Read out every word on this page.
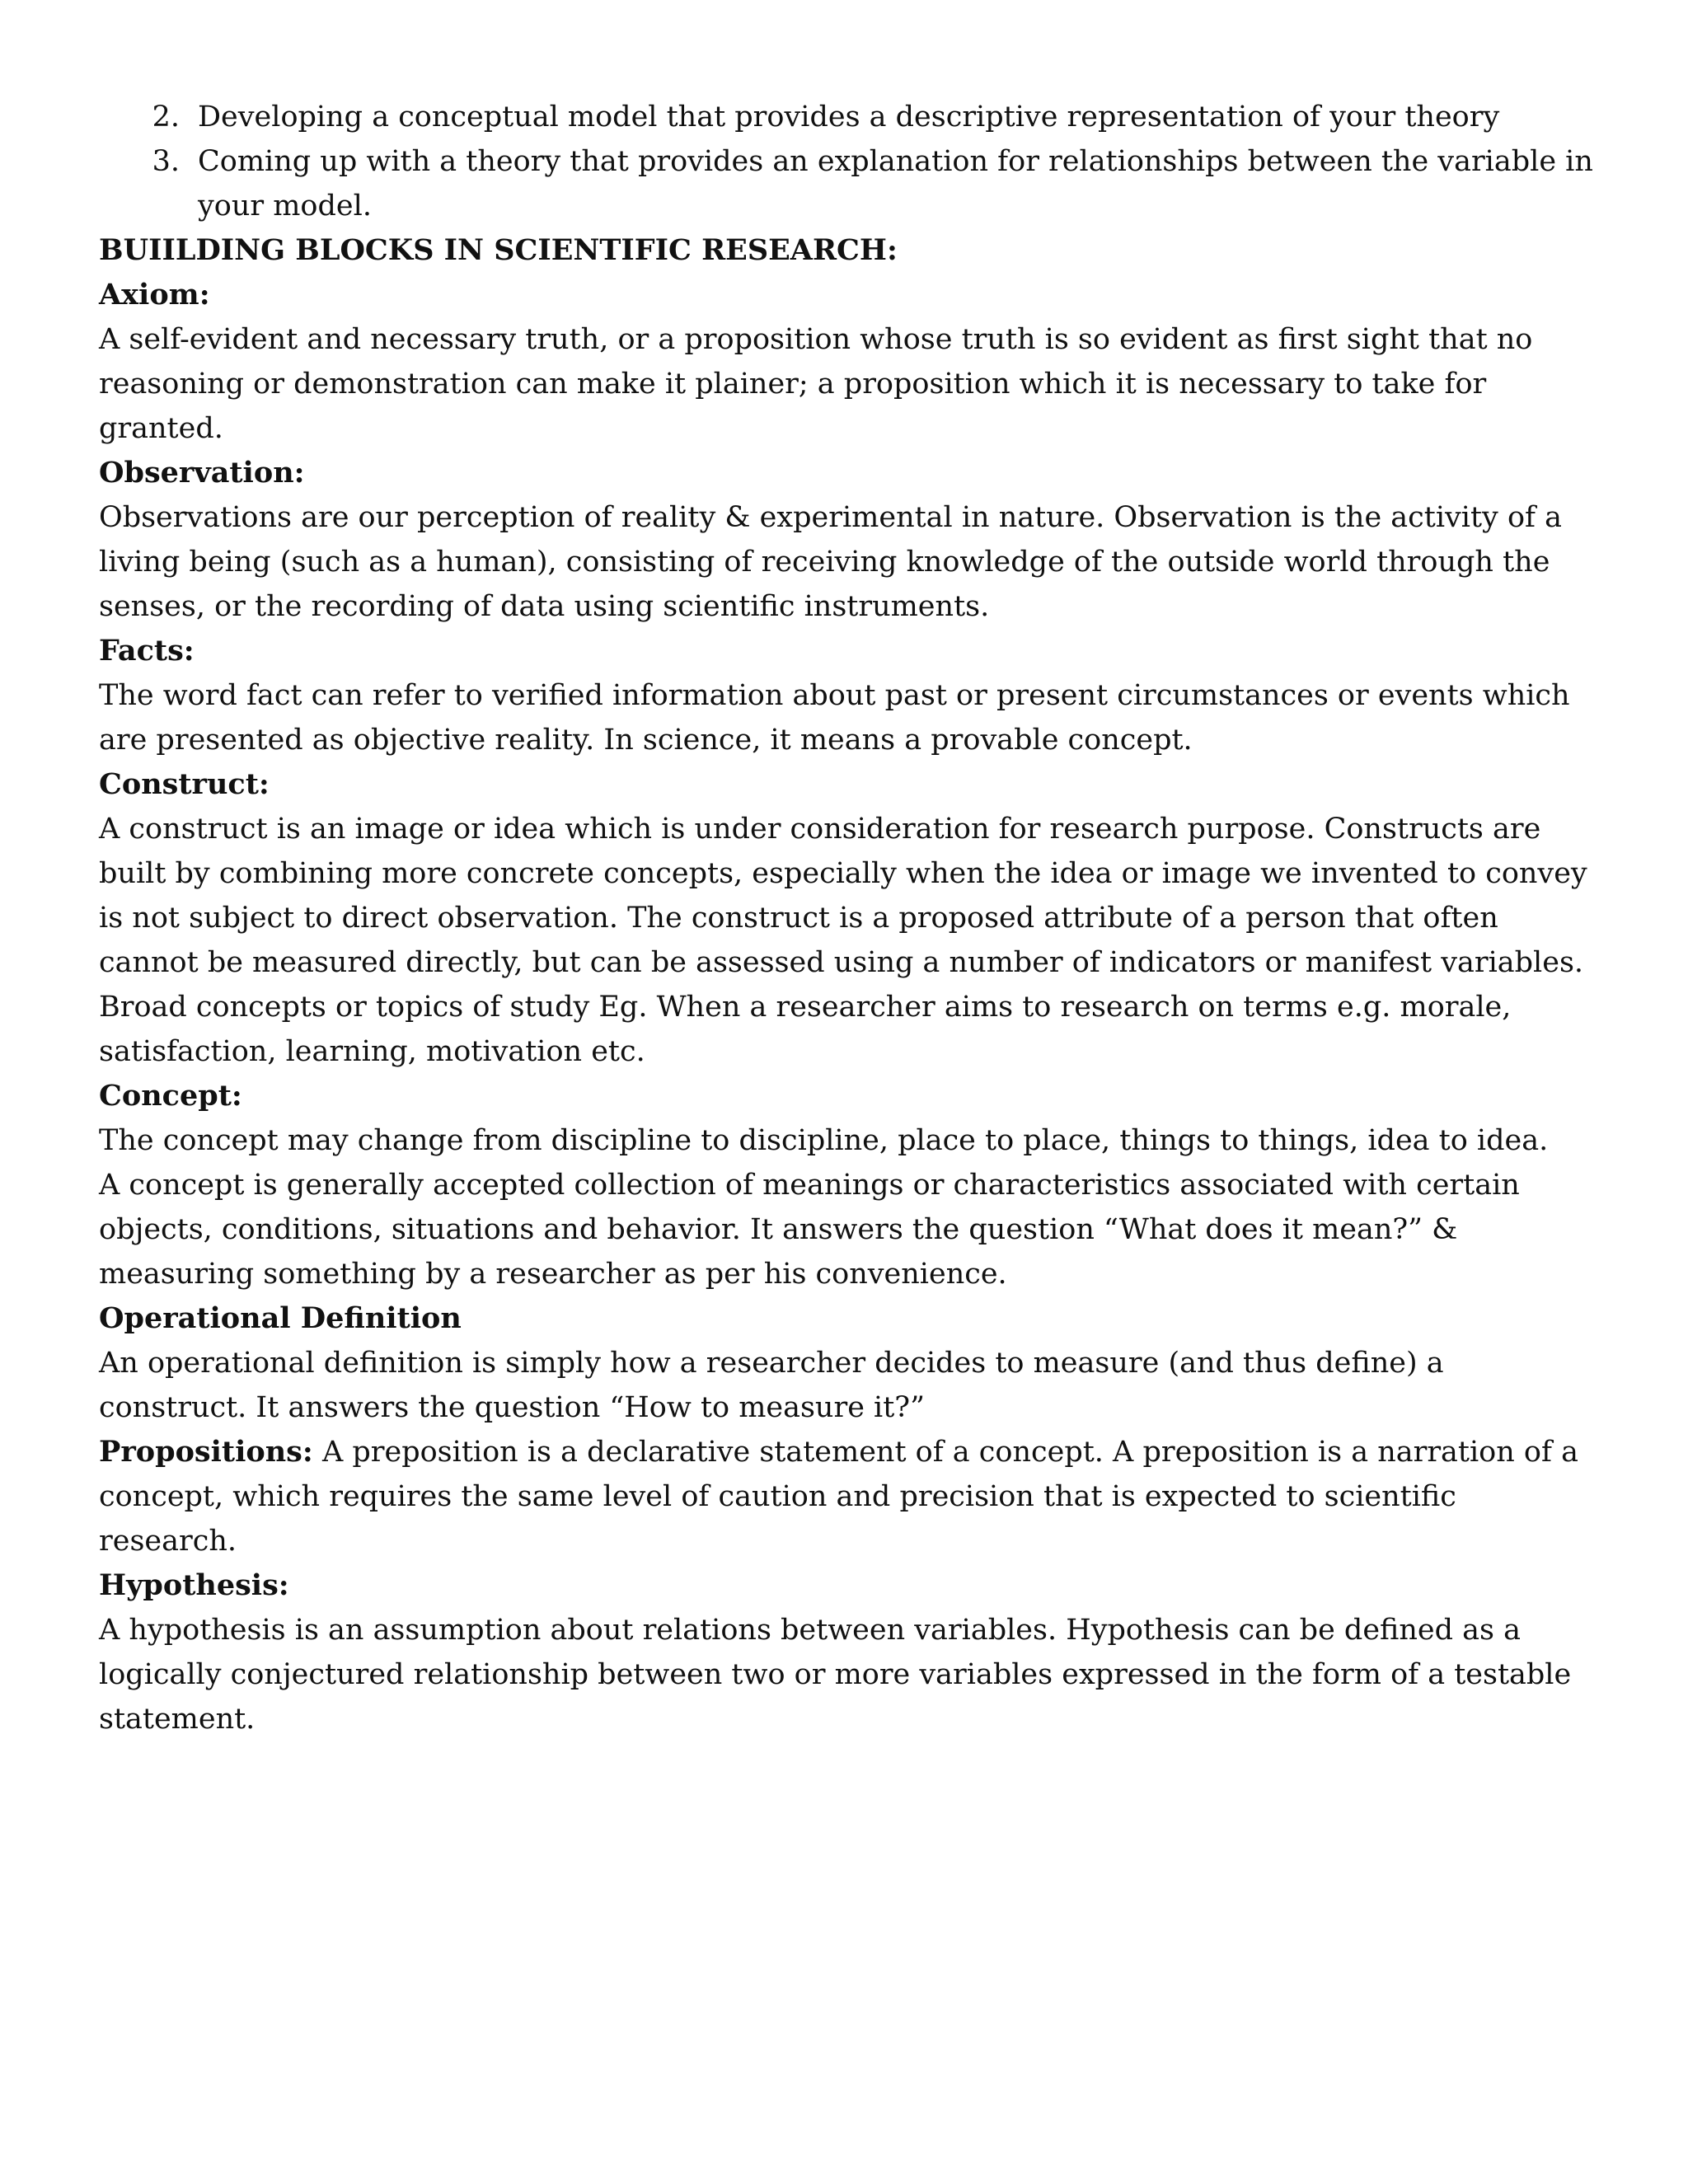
2. Developing a conceptual model that provides a descriptive representation of your theory
3. Coming up with a theory that provides an explanation for relationships between the variable in your model.
BUIILDING BLOCKS IN SCIENTIFIC RESEARCH:
Axiom:

A self-evident and necessary truth, or a proposition whose truth is so evident as first sight that no reasoning or demonstration can make it plainer; a proposition which it is necessary to take for granted.

Observation:

Observations are our perception of reality & experimental in nature. Observation is the activity of a living being (such as a human), consisting of receiving knowledge of the outside world through the senses, or the recording of data using scientific instruments.

Facts:

The word fact can refer to verified information about past or present circumstances or events which are presented as objective reality. In science, it means a provable concept.

Construct:

A construct is an image or idea which is under consideration for research purpose. Constructs are built by combining more concrete concepts, especially when the idea or image we invented to convey is not subject to direct observation. The construct is a proposed attribute of a person that often cannot be measured directly, but can be assessed using a number of indicators or manifest variables. Broad concepts or topics of study Eg. When a researcher aims to research on terms e.g. morale, satisfaction, learning, motivation etc.

Concept:

The concept may change from discipline to discipline, place to place, things to things, idea to idea.

A concept is generally accepted collection of meanings or characteristics associated with certain objects, conditions, situations and behavior. It answers the question “What does it mean?” & measuring something by a researcher as per his convenience.

Operational Definition

An operational definition is simply how a researcher decides to measure (and thus define) a construct. It answers the question “How to measure it?”

Propositions: A preposition is a declarative statement of a concept. A preposition is a narration of a concept, which requires the same level of caution and precision that is expected to scientific research.

Hypothesis:

A hypothesis is an assumption about relations between variables. Hypothesis can be defined as a logically conjectured relationship between two or more variables expressed in the form of a testable statement.
